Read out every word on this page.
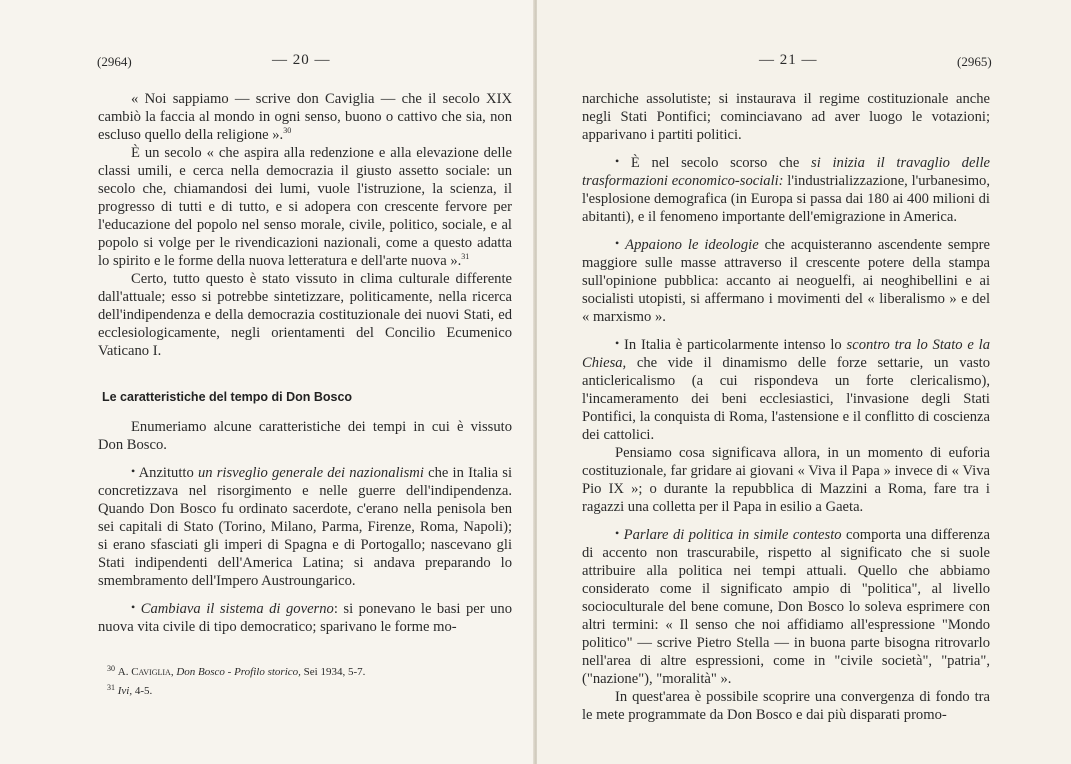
(2964)	— 20 —

« Noi sappiamo — scrive don Caviglia — che il secolo XIX cambiò la faccia al mondo in ogni senso, buono o cattivo che sia, non escluso quello della religione ».$^{30}$

È un secolo « che aspira alla redenzione e alla elevazione delle classi umili, e cerca nella democrazia il giusto assetto sociale: un secolo che, chiamandosi dei lumi, vuole l'istruzione, la scienza, il progresso di tutti e di tutto, e si adopera con crescente fervore per l'educazione del popolo nel senso morale, civile, politico, sociale, e al popolo si volge per le rivendicazioni nazionali, come a questo adatta lo spirito e le forme della nuova letteratura e dell'arte nuova ».$^{31}$

Certo, tutto questo è stato vissuto in clima culturale differente dall'attuale; esso si potrebbe sintetizzare, politicamente, nella ricerca dell'indipendenza e della democrazia costituzionale dei nuovi Stati, ed ecclesiologicamente, negli orientamenti del Concilio Ecumenico Vaticano I.

Le caratteristiche del tempo di Don Bosco

Enumeriamo alcune caratteristiche dei tempi in cui è vissuto Don Bosco.

• Anzitutto un risveglio generale dei nazionalismi che in Italia si concretizzava nel risorgimento e nelle guerre dell'indipendenza. Quando Don Bosco fu ordinato sacerdote, c'erano nella penisola ben sei capitali di Stato (Torino, Milano, Parma, Firenze, Roma, Napoli); si erano sfasciati gli imperi di Spagna e di Portogallo; nascevano gli Stati indipendenti dell'America Latina; si andava preparando lo smembramento dell'Impero Austroungarico.

• Cambiava il sistema di governo: si ponevano le basi per uno nuova vita civile di tipo democratico; sparivano le forme mo-

$^{30}$ A. Caviglia, Don Bosco - Profilo storico, Sei 1934, 5-7.
$^{31}$ Ivi, 4-5.
— 21 —	(2965)

narchiche assolutiste; si instaurava il regime costituzionale anche negli Stati Pontifici; cominciavano ad aver luogo le votazioni; apparivano i partiti politici.

• È nel secolo scorso che si inizia il travaglio delle trasformazioni economico-sociali: l'industrializzazione, l'urbanesimo, l'esplosione demografica (in Europa si passa dai 180 ai 400 milioni di abitanti), e il fenomeno importante dell'emigrazione in America.

• Appaiono le ideologie che acquisteranno ascendente sempre maggiore sulle masse attraverso il crescente potere della stampa sull'opinione pubblica: accanto ai neoguelfi, ai neoghibellini e ai socialisti utopisti, si affermano i movimenti del « liberalismo » e del « marxismo ».

• In Italia è particolarmente intenso lo scontro tra lo Stato e la Chiesa, che vide il dinamismo delle forze settarie, un vasto anticlericalismo (a cui rispondeva un forte clericalismo), l'incameramento dei beni ecclesiastici, l'invasione degli Stati Pontifici, la conquista di Roma, l'astensione e il conflitto di coscienza dei cattolici.

Pensiamo cosa significava allora, in un momento di euforia costituzionale, far gridare ai giovani « Viva il Papa » invece di « Viva Pio IX »; o durante la repubblica di Mazzini a Roma, fare tra i ragazzi una colletta per il Papa in esilio a Gaeta.

• Parlare di politica in simile contesto comporta una differenza di accento non trascurabile, rispetto al significato che si suole attribuire alla politica nei tempi attuali. Quello che abbiamo considerato come il significato ampio di "politica", al livello socioculturale del bene comune, Don Bosco lo soleva esprimere con altri termini: « Il senso che noi affidiamo all'espressione "Mondo politico" — scrive Pietro Stella — in buona parte bisogna ritrovarlo nell'area di altre espressioni, come in "civile società", "patria", ("nazione"), "moralità" ».

In quest'area è possibile scoprire una convergenza di fondo tra le mete programmate da Don Bosco e dai più disparati promo-
